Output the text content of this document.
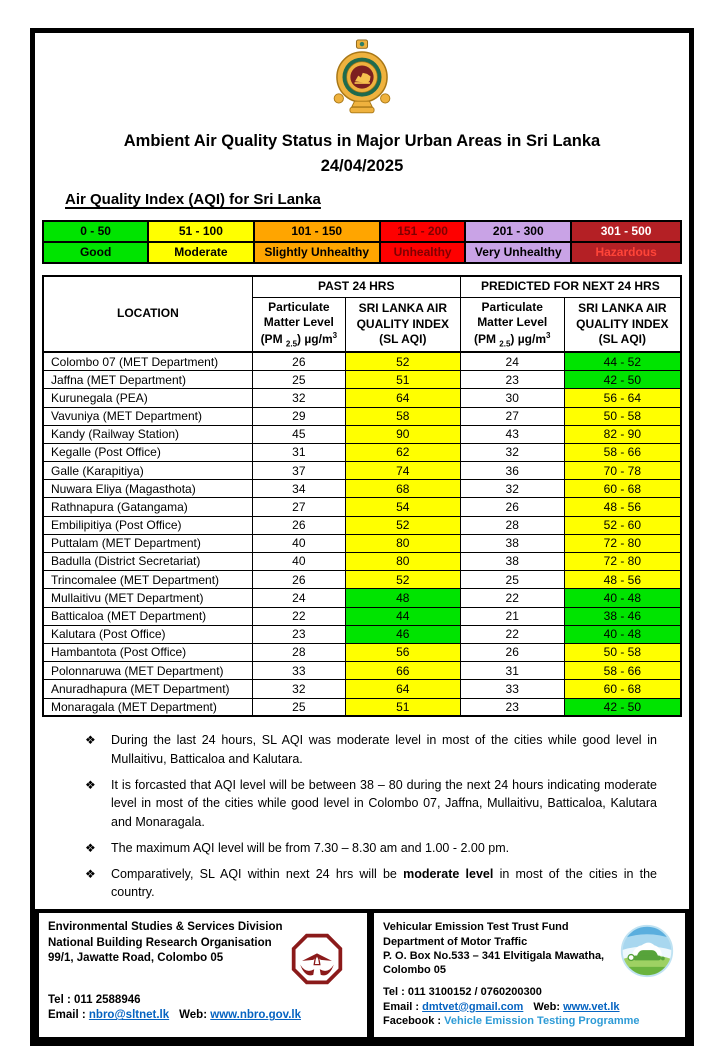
Ambient Air Quality Status in Major Urban Areas in Sri Lanka
24/04/2025
Air Quality Index (AQI) for Sri Lanka
0 - 50	51 - 100	101 - 150	151 - 200	201 - 300	301 - 500
Good	Moderate	Slightly Unhealthy	Unhealthy	Very Unhealthy	Hazardous
LOCATION	PAST 24 HRS		PREDICTED FOR NEXT 24 HRS	
	Particulate
Matter Level
(PM $_{2.5}$) $\mu g/m^3$	SRI LANKA AIR
QUALITY INDEX
(SL AQI)	Particulate
Matter Level
(PM $_{2.5}$) $\mu g/m^3$	SRI LANKA AIR
QUALITY INDEX
(SL AQI)
Colombo 07 (MET Department)	26	52	24	44 - 52
Jaffna (MET Department)	25	51	23	42 - 50
Kurunegala (PEA)	32	64	30	56 - 64
Vavuniya (MET Department)	29	58	27	50 - 58
Kandy (Railway Station)	45	90	43	82 - 90
Kegalle (Post Office)	31	62	32	58 - 66
Galle (Karapitiya)	37	74	36	70 - 78
Nuwara Eliya (Magasthota)	34	68	32	60 - 68
Rathnapura (Gatangama)	27	54	26	48 - 56
Embilipitiya (Post Office)	26	52	28	52 - 60
Puttalam (MET Department)	40	80	38	72 - 80
Badulla (District Secretariat)	40	80	38	72 - 80
Trincomalee (MET Department)	26	52	25	48 - 56
Mullaitivu (MET Department)	24	48	22	40 - 48
Batticaloa (MET Department)	22	44	21	38 - 46
Kalutara (Post Office)	23	46	22	40 - 48
Hambantota (Post Office)	28	56	26	50 - 58
Polonnaruwa (MET Department)	33	66	31	58 - 66
Anuradhapura (MET Department)	32	64	33	60 - 68
Monaragala (MET Department)	25	51	23	42 - 50
❖	During the last 24 hours, SL AQI was moderate level in most of the cities while good level in Mullaitivu, Batticaloa and Kalutara.
❖	It is forcasted that AQI level will be between 38 – 80 during the next 24 hours indicating moderate level in most of the cities while good level in Colombo 07, Jaffna, Mullaitivu, Batticaloa, Kalutara and Monaragala.
❖	The maximum AQI level will be from 7.30 – 8.30 am and 1.00 - 2.00 pm.
❖	Comparatively, SL AQI within next 24 hrs will be moderate level in most of the cities in the country.
Environmental Studies & Services Division
National Building Research Organisation
99/1, Jawatte Road, Colombo 05
Tel : 011 2588946
Email : nbro@sltnet.lk Web: www.nbro.gov.lk
Vehicular Emission Test Trust Fund
Department of Motor Traffic
P. O. Box No.533 – 341 Elvitigala Mawatha,
Colombo 05
Tel : 011 3100152 / 0760200300
Email : dmtvet@gmail.com Web: www.vet.lk
Facebook : Vehicle Emission Testing Programme
